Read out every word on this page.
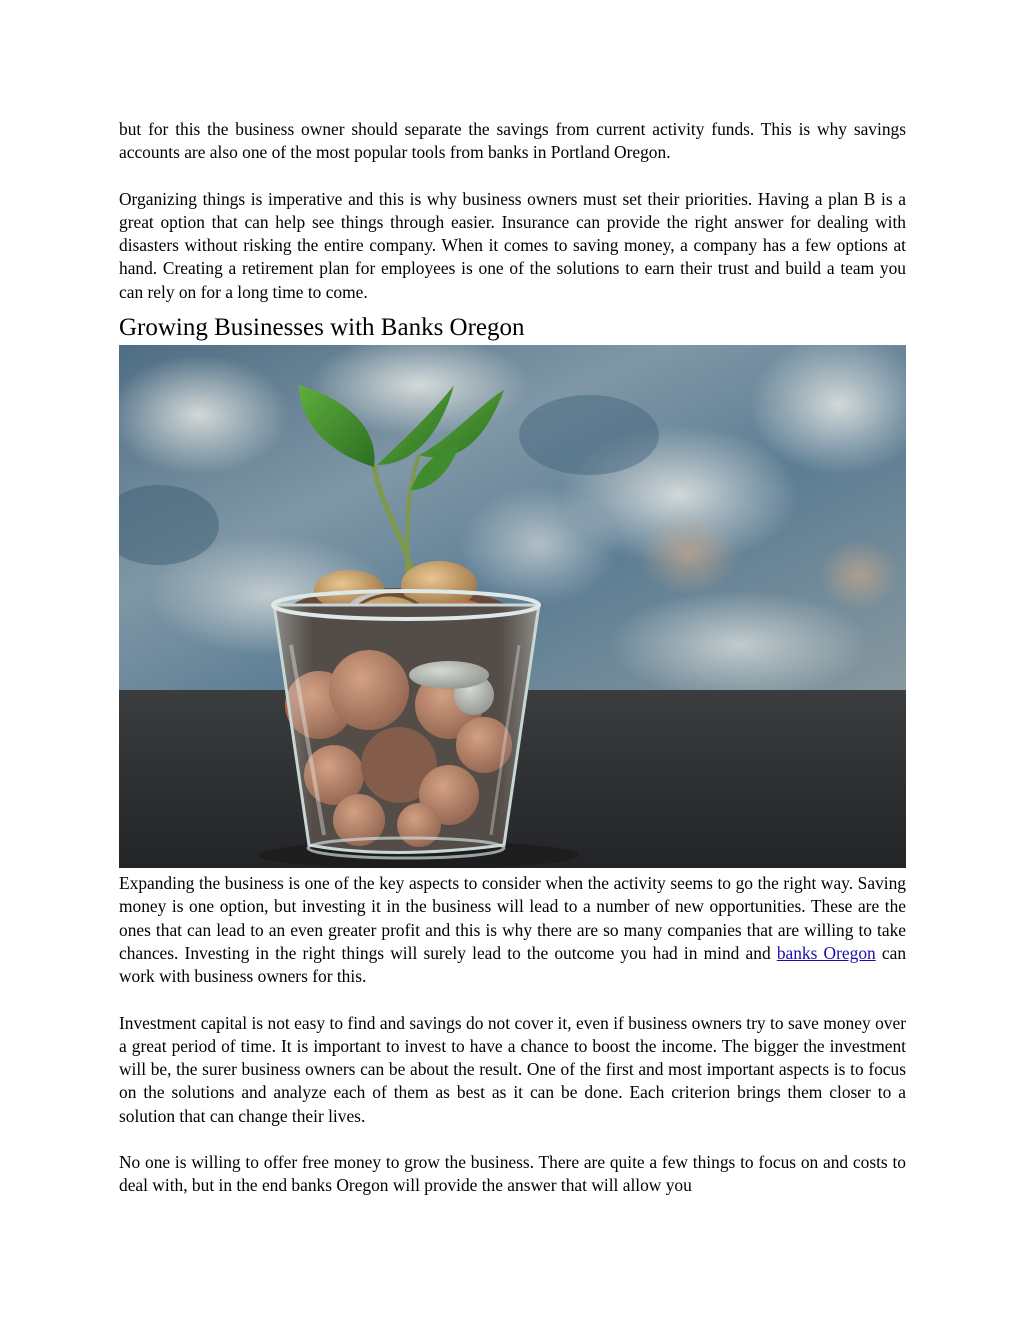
but for this the business owner should separate the savings from current activity funds. This is why savings accounts are also one of the most popular tools from banks in Portland Oregon.

Organizing things is imperative and this is why business owners must set their priorities. Having a plan B is a great option that can help see things through easier. Insurance can provide the right answer for dealing with disasters without risking the entire company. When it comes to saving money, a company has a few options at hand. Creating a retirement plan for employees is one of the solutions to earn their trust and build a team you can rely on for a long time to come.

Growing Businesses with Banks Oregon

Expanding the business is one of the key aspects to consider when the activity seems to go the right way. Saving money is one option, but investing it in the business will lead to a number of new opportunities. These are the ones that can lead to an even greater profit and this is why there are so many companies that are willing to take chances. Investing in the right things will surely lead to the outcome you had in mind and banks Oregon can work with business owners for this.

Investment capital is not easy to find and savings do not cover it, even if business owners try to save money over a great period of time. It is important to invest to have a chance to boost the income. The bigger the investment will be, the surer business owners can be about the result. One of the first and most important aspects is to focus on the solutions and analyze each of them as best as it can be done. Each criterion brings them closer to a solution that can change their lives.

No one is willing to offer free money to grow the business. There are quite a few things to focus on and costs to deal with, but in the end banks Oregon will provide the answer that will allow you
